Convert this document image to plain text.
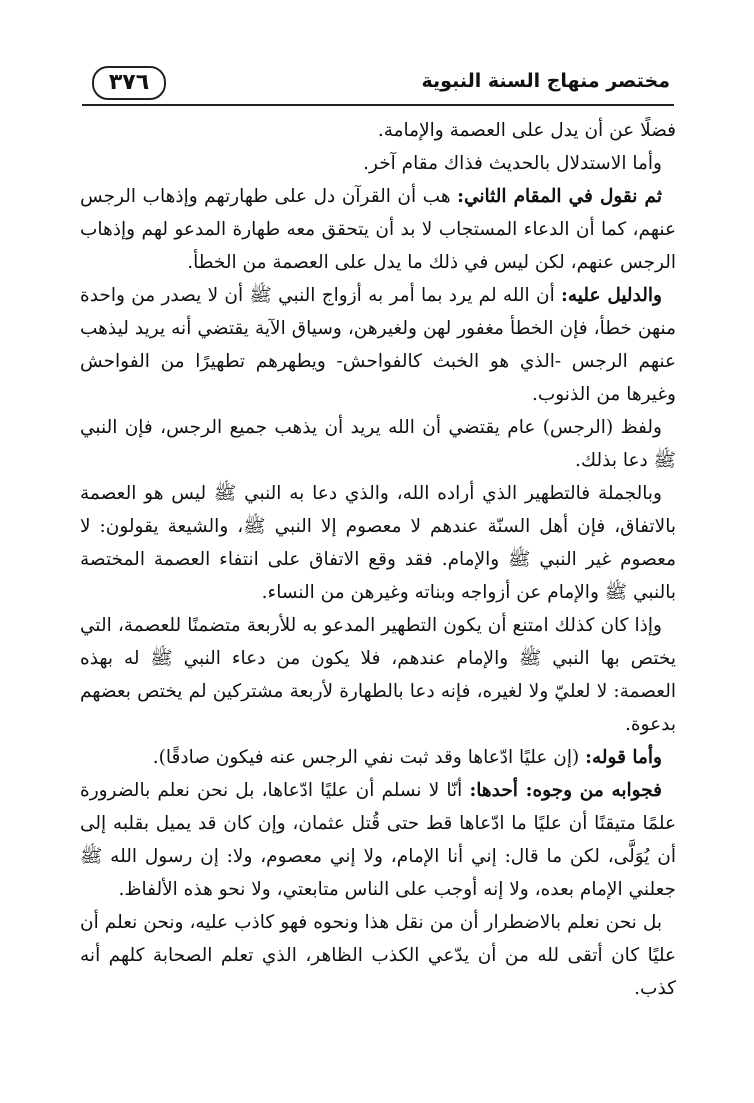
٣٧٦	مختصر منهاج السنة النبوية

فضلًا عن أن يدل على العصمة والإمامة.

وأما الاستدلال بالحديث فذاك مقام آخر.

ثم نقول في المقام الثاني: هب أن القرآن دل على طهارتهم وإذهاب الرجس عنهم، كما أن الدعاء المستجاب لا بد أن يتحقق معه طهارة المدعو لهم وإذهاب الرجس عنهم، لكن ليس في ذلك ما يدل على العصمة من الخطأ.

والدليل عليه: أن الله لم يرد بما أمر به أزواج النبي ﷺ أن لا يصدر من واحدة منهن خطأ، فإن الخطأ مغفور لهن ولغيرهن، وسياق الآية يقتضي أنه يريد ليذهب عنهم الرجس -الذي هو الخبث كالفواحش- ويطهرهم تطهيرًا من الفواحش وغيرها من الذنوب.

ولفظ (الرجس) عام يقتضي أن الله يريد أن يذهب جميع الرجس، فإن النبي ﷺ دعا بذلك.

وبالجملة فالتطهير الذي أراده الله، والذي دعا به النبي ﷺ ليس هو العصمة بالاتفاق، فإن أهل السنّة عندهم لا معصوم إلا النبي ﷺ، والشيعة يقولون: لا معصوم غير النبي ﷺ والإمام. فقد وقع الاتفاق على انتفاء العصمة المختصة بالنبي ﷺ والإمام عن أزواجه وبناته وغيرهن من النساء.

وإذا كان كذلك امتنع أن يكون التطهير المدعو به للأربعة متضمنًا للعصمة، التي يختص بها النبي ﷺ والإمام عندهم، فلا يكون من دعاء النبي ﷺ له بهذه العصمة: لا لعليّ ولا لغيره، فإنه دعا بالطهارة لأربعة مشتركين لم يختص بعضهم بدعوة.

وأما قوله: (إن عليًا ادّعاها وقد ثبت نفي الرجس عنه فيكون صادقًا).

فجوابه من وجوه: أحدها: أنّا لا نسلم أن عليًا ادّعاها، بل نحن نعلم بالضرورة علمًا متيقنًا أن عليًا ما ادّعاها قط حتى قُتل عثمان، وإن كان قد يميل بقلبه إلى أن يُوَلَّى، لكن ما قال: إني أنا الإمام، ولا إني معصوم، ولا: إن رسول الله ﷺ جعلني الإمام بعده، ولا إنه أوجب على الناس متابعتي، ولا نحو هذه الألفاظ.

بل نحن نعلم بالاضطرار أن من نقل هذا ونحوه فهو كاذب عليه، ونحن نعلم أن عليًا كان أتقى لله من أن يدّعي الكذب الظاهر، الذي تعلم الصحابة كلهم أنه كذب.
